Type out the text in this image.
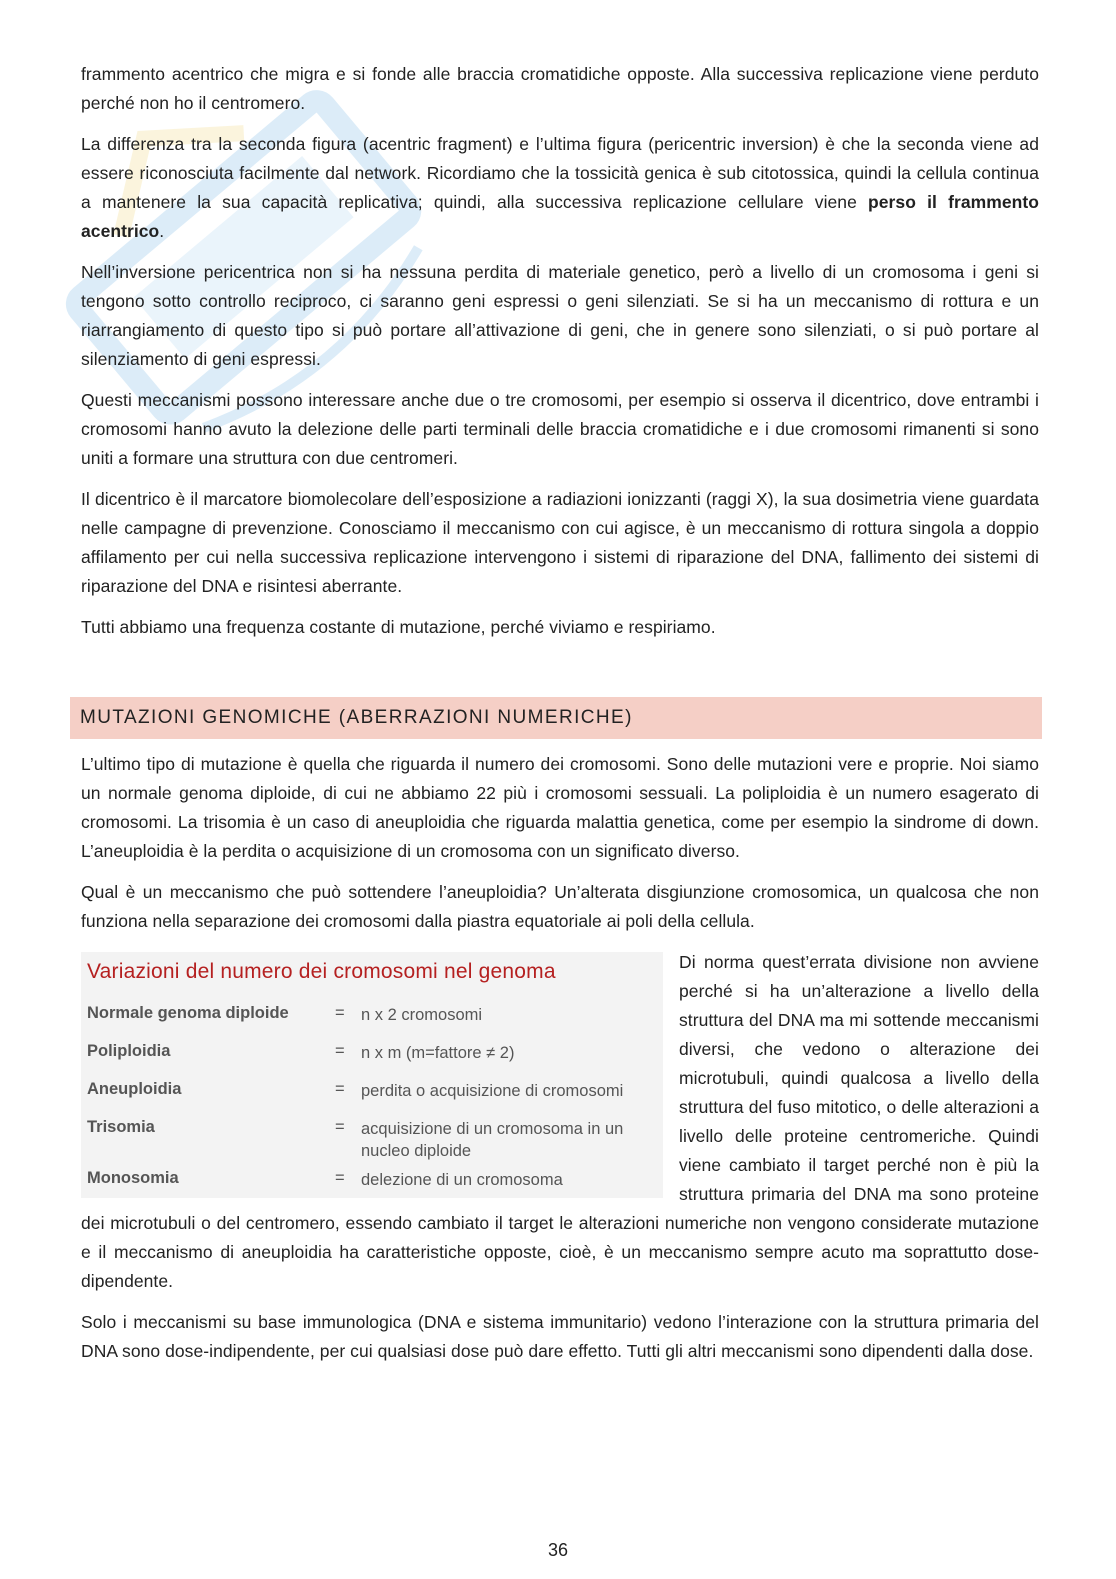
frammento acentrico che migra e si fonde alle braccia cromatidiche opposte. Alla successiva replicazione viene perduto perché non ho il centromero.

La differenza tra la seconda figura (acentric fragment) e l’ultima figura (pericentric inversion) è che la seconda viene ad essere riconosciuta facilmente dal network. Ricordiamo che la tossicità genica è sub citotossica, quindi la cellula continua a mantenere la sua capacità replicativa; quindi, alla successiva replicazione cellulare viene perso il frammento acentrico.

Nell’inversione pericentrica non si ha nessuna perdita di materiale genetico, però a livello di un cromosoma i geni si tengono sotto controllo reciproco, ci saranno geni espressi o geni silenziati. Se si ha un meccanismo di rottura e un riarrangiamento di questo tipo si può portare all’attivazione di geni, che in genere sono silenziati, o si può portare al silenziamento di geni espressi.

Questi meccanismi possono interessare anche due o tre cromosomi, per esempio si osserva il dicentrico, dove entrambi i cromosomi hanno avuto la delezione delle parti terminali delle braccia cromatidiche e i due cromosomi rimanenti si sono uniti a formare una struttura con due centromeri.

Il dicentrico è il marcatore biomolecolare dell’esposizione a radiazioni ionizzanti (raggi X), la sua dosimetria viene guardata nelle campagne di prevenzione. Conosciamo il meccanismo con cui agisce, è un meccanismo di rottura singola a doppio affilamento per cui nella successiva replicazione intervengono i sistemi di riparazione del DNA, fallimento dei sistemi di riparazione del DNA e risintesi aberrante.

Tutti abbiamo una frequenza costante di mutazione, perché viviamo e respiriamo.

MUTAZIONI GENOMICHE (ABERRAZIONI NUMERICHE)

L’ultimo tipo di mutazione è quella che riguarda il numero dei cromosomi. Sono delle mutazioni vere e proprie. Noi siamo un normale genoma diploide, di cui ne abbiamo 22 più i cromosomi sessuali. La poliploidia è un numero esagerato di cromosomi. La trisomia è un caso di aneuploidia che riguarda malattia genetica, come per esempio la sindrome di down. L’aneuploidia è la perdita o acquisizione di un cromosoma con un significato diverso.

Qual è un meccanismo che può sottendere l’aneuploidia? Un’alterata disgiunzione cromosomica, un qualcosa che non funziona nella separazione dei cromosomi dalla piastra equatoriale ai poli della cellula.

Variazioni del numero dei cromosomi nel genoma
Normale genoma diploide	= n x 2 cromosomi
Poliploidia	= n x m (m=fattore ≠ 2)
Aneuploidia	= perdita o acquisizione di cromosomi
Trisomia	= acquisizione di un cromosoma in un nucleo diploide
Monosomia	= delezione di un cromosoma

Di norma quest’errata divisione non avviene perché si ha un’alterazione a livello della struttura del DNA ma mi sottende meccanismi diversi, che vedono o alterazione dei microtubuli, quindi qualcosa a livello della struttura del fuso mitotico, o delle alterazioni a livello delle proteine centromeriche. Quindi viene cambiato il target perché non è più la struttura primaria del DNA ma sono proteine dei microtubuli o del centromero, essendo cambiato il target le alterazioni numeriche non vengono considerate mutazione e il meccanismo di aneuploidia ha caratteristiche opposte, cioè, è un meccanismo sempre acuto ma soprattutto dose-dipendente.

Solo i meccanismi su base immunologica (DNA e sistema immunitario) vedono l’interazione con la struttura primaria del DNA sono dose-indipendente, per cui qualsiasi dose può dare effetto. Tutti gli altri meccanismi sono dipendenti dalla dose.

36
